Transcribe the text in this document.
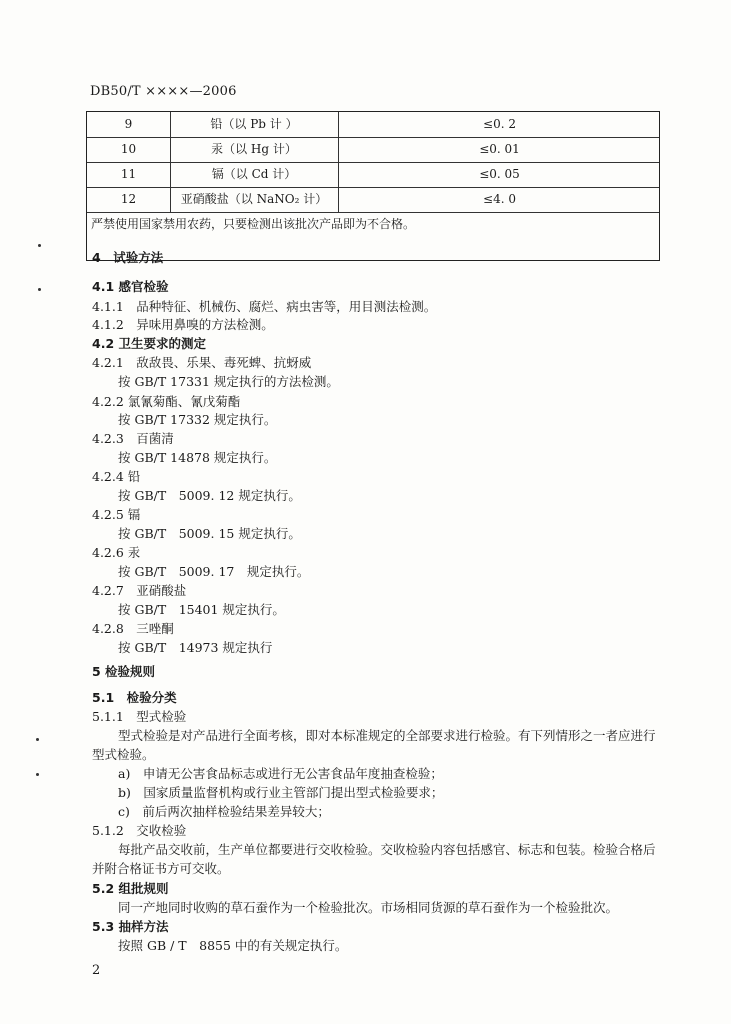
DB50/T ××××—2006
9	铅（以 Pb 计 ）	≤0. 2
10	汞（以 Hg 计）	≤0. 01
11	镉（以 Cd 计）	≤0. 05
12	亚硝酸盐（以 NaNO₂ 计）	≤4. 0
严禁使用国家禁用农药，只要检测出该批次产品即为不合格。
4　试验方法
4.1 感官检验
4.1.1　品种特征、机械伤、腐烂、病虫害等，用目测法检测。
4.1.2　异味用鼻嗅的方法检测。
4.2 卫生要求的测定
4.2.1　敌敌畏、乐果、毒死蜱、抗蚜威
按 GB/T 17331 规定执行的方法检测。
4.2.2 氯氰菊酯、氰戊菊酯
按 GB/T 17332 规定执行。
4.2.3　百菌清
按 GB/T 14878 规定执行。
4.2.4 铅
按 GB/T　5009. 12 规定执行。
4.2.5 镉
按 GB/T　5009. 15 规定执行。
4.2.6 汞
按 GB/T　5009. 17　规定执行。
4.2.7　亚硝酸盐
按 GB/T　15401 规定执行。
4.2.8　三唑酮
按 GB/T　14973 规定执行
5 检验规则
5.1　检验分类
5.1.1　型式检验
型式检验是对产品进行全面考核，即对本标准规定的全部要求进行检验。有下列情形之一者应进行
型式检验。
a)　申请无公害食品标志或进行无公害食品年度抽查检验；
b)　国家质量监督机构或行业主管部门提出型式检验要求；
c)　前后两次抽样检验结果差异较大；
5.1.2　交收检验
每批产品交收前，生产单位都要进行交收检验。交收检验内容包括感官、标志和包装。检验合格后
并附合格证书方可交收。
5.2 组批规则
同一产地同时收购的草石蚕作为一个检验批次。市场相同货源的草石蚕作为一个检验批次。
5.3 抽样方法
按照 GB / T　8855 中的有关规定执行。
2
